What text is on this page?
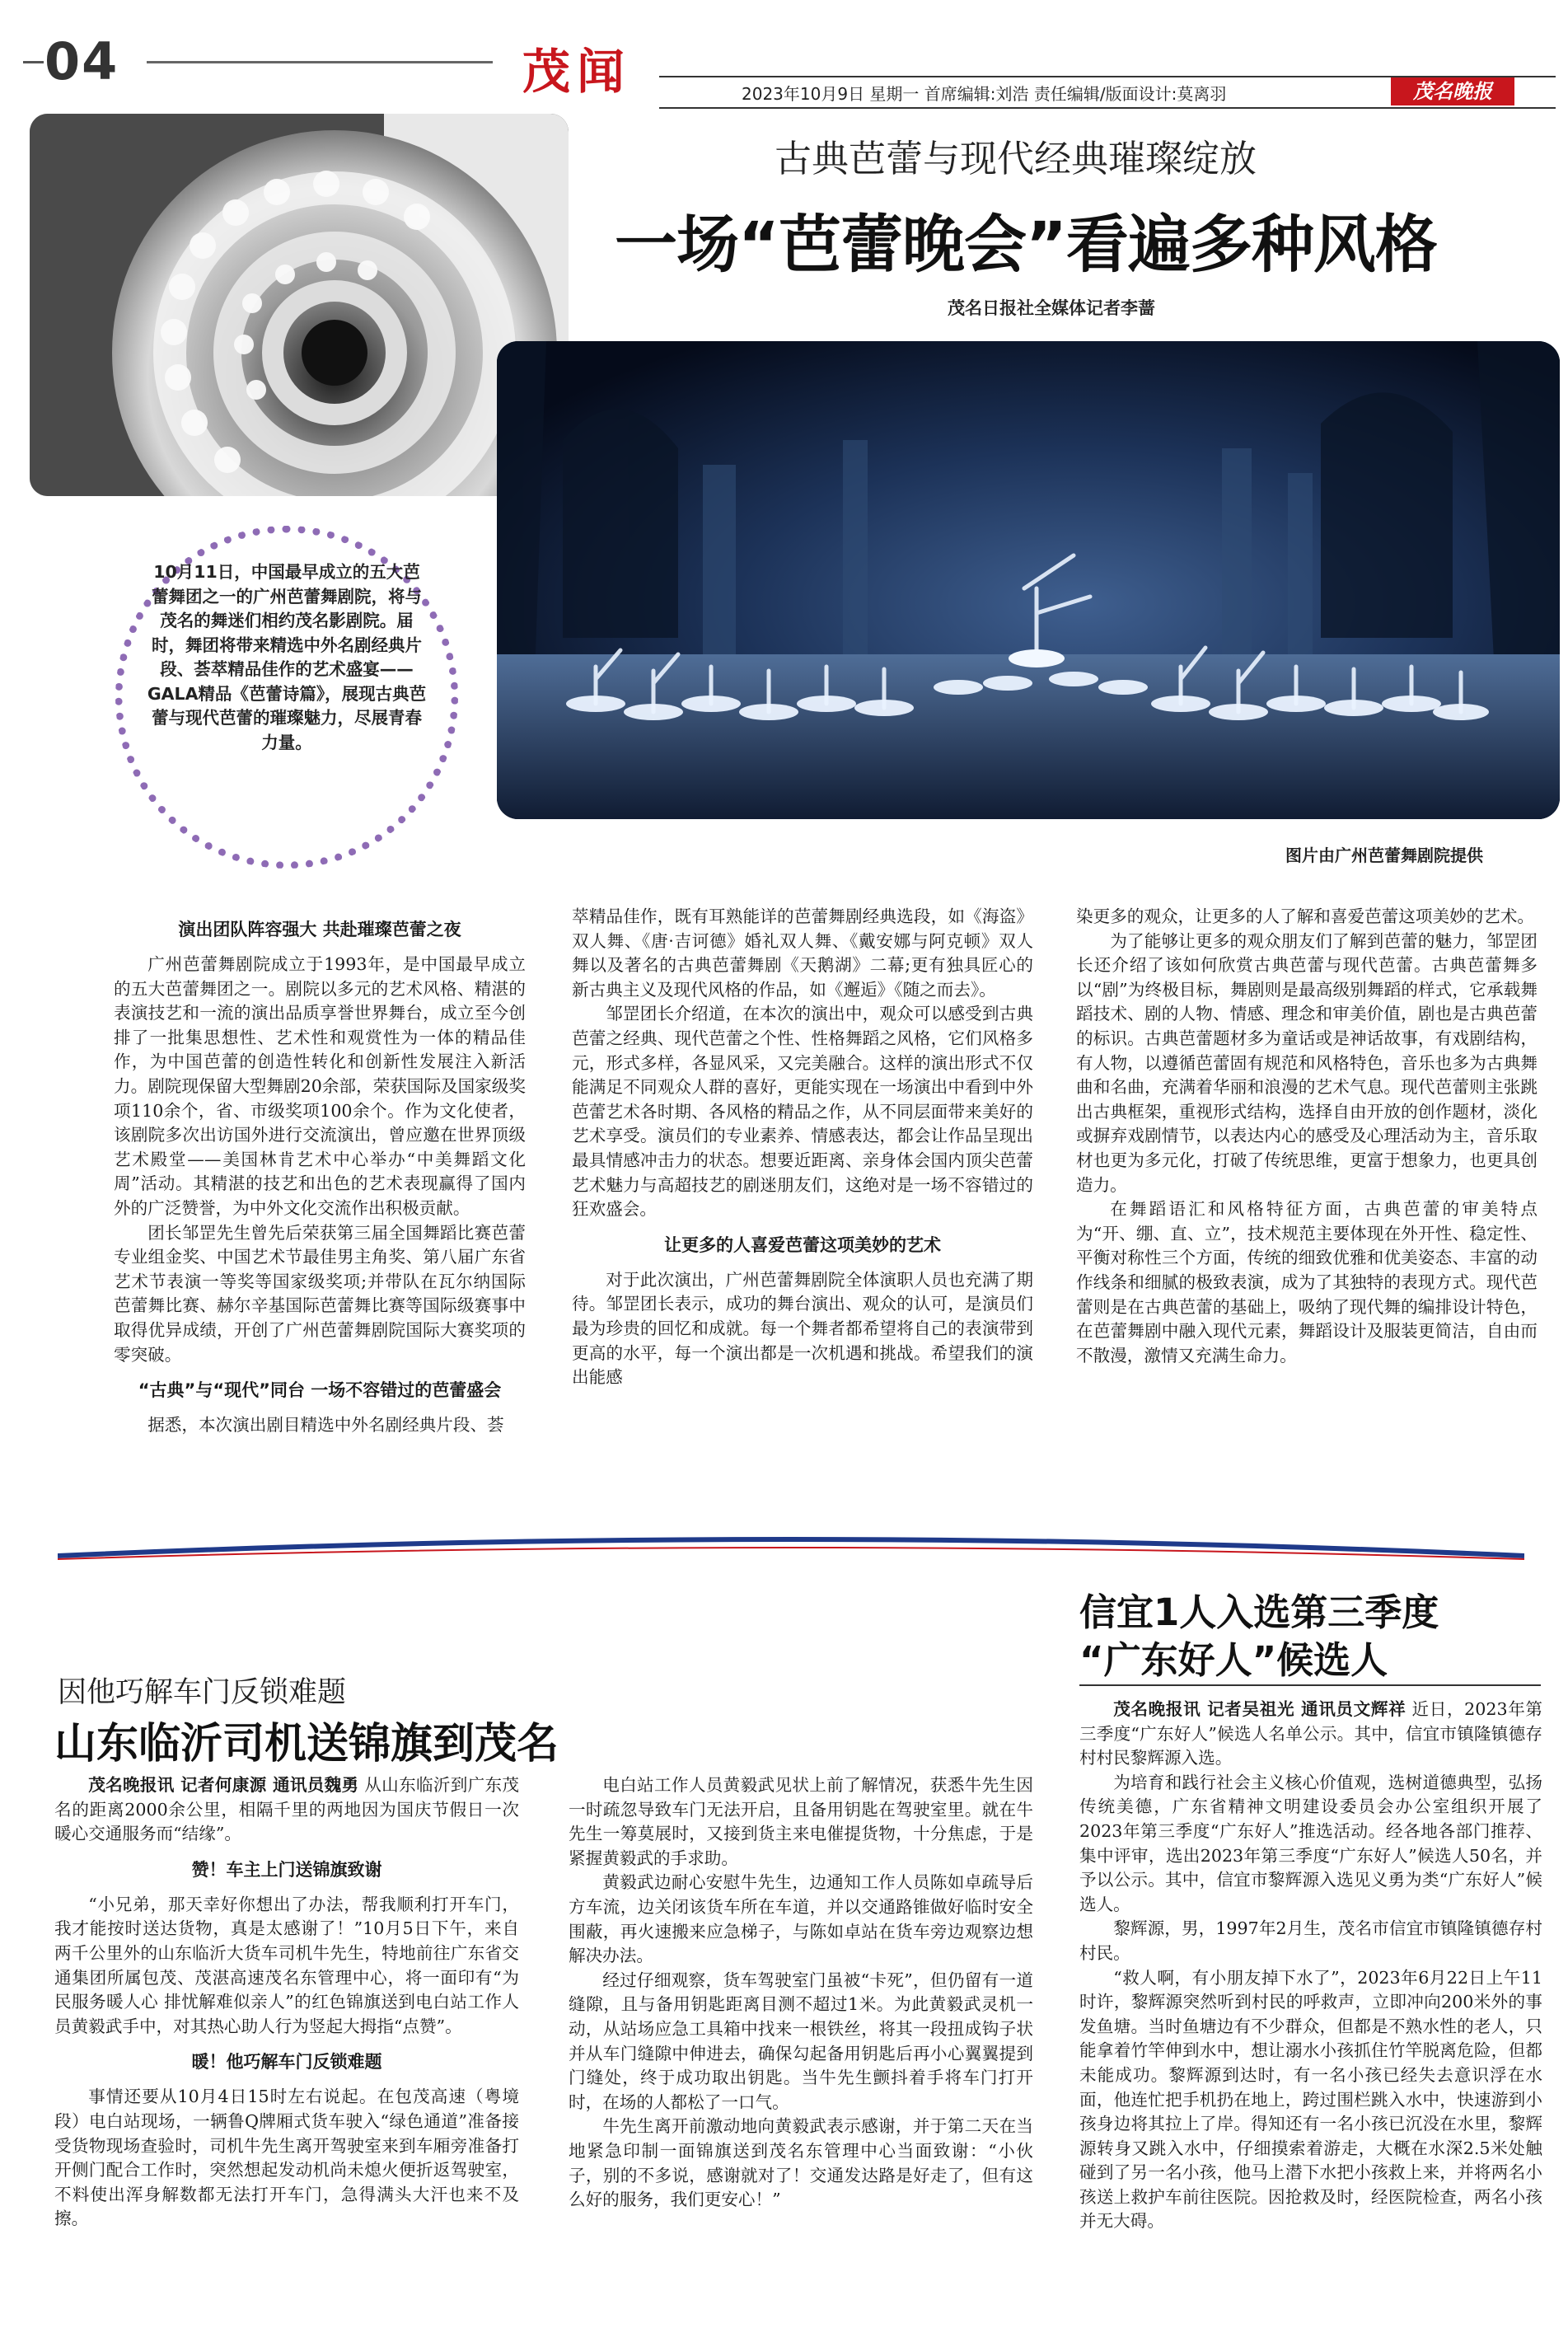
04	茂闻	2023年10月9日 星期一 首席编辑:刘浩 责任编辑/版面设计:莫离羽	茂名晚报
10月11日，中国最早成立的五大芭蕾舞团之一的广州芭蕾舞剧院，将与茂名的舞迷们相约茂名影剧院。届时，舞团将带来精选中外名剧经典片段、荟萃精品佳作的艺术盛宴——GALA精品《芭蕾诗篇》，展现古典芭蕾与现代芭蕾的璀璨魅力，尽展青春力量。
古典芭蕾与现代经典璀璨绽放
一场“芭蕾晚会”看遍多种风格
茂名日报社全媒体记者李蔷
图片由广州芭蕾舞剧院提供
演出团队阵容强大 共赴璀璨芭蕾之夜

广州芭蕾舞剧院成立于1993年，是中国最早成立的五大芭蕾舞团之一。剧院以多元的艺术风格、精湛的表演技艺和一流的演出品质享誉世界舞台，成立至今创排了一批集思想性、艺术性和观赏性为一体的精品佳作，为中国芭蕾的创造性转化和创新性发展注入新活力。剧院现保留大型舞剧20余部，荣获国际及国家级奖项110余个，省、市级奖项100余个。作为文化使者，该剧院多次出访国外进行交流演出，曾应邀在世界顶级艺术殿堂——美国林肯艺术中心举办“中美舞蹈文化周”活动。其精湛的技艺和出色的艺术表现赢得了国内外的广泛赞誉，为中外文化交流作出积极贡献。

团长邹罡先生曾先后荣获第三届全国舞蹈比赛芭蕾专业组金奖、中国艺术节最佳男主角奖、第八届广东省艺术节表演一等奖等国家级奖项;并带队在瓦尔纳国际芭蕾舞比赛、赫尔辛基国际芭蕾舞比赛等国际级赛事中取得优异成绩，开创了广州芭蕾舞剧院国际大赛奖项的零突破。

“古典”与“现代”同台 一场不容错过的芭蕾盛会

据悉，本次演出剧目精选中外名剧经典片段、荟

萃精品佳作，既有耳熟能详的芭蕾舞剧经典选段，如《海盗》双人舞、《唐·吉诃德》婚礼双人舞、《戴安娜与阿克顿》双人舞以及著名的古典芭蕾舞剧《天鹅湖》二幕;更有独具匠心的新古典主义及现代风格的作品，如《邂逅》《随之而去》。

邹罡团长介绍道，在本次的演出中，观众可以感受到古典芭蕾之经典、现代芭蕾之个性、性格舞蹈之风格，它们风格多元，形式多样，各显风采，又完美融合。这样的演出形式不仅能满足不同观众人群的喜好，更能实现在一场演出中看到中外芭蕾艺术各时期、各风格的精品之作，从不同层面带来美好的艺术享受。演员们的专业素养、情感表达，都会让作品呈现出最具情感冲击力的状态。想要近距离、亲身体会国内顶尖芭蕾艺术魅力与高超技艺的剧迷朋友们，这绝对是一场不容错过的狂欢盛会。

让更多的人喜爱芭蕾这项美妙的艺术

对于此次演出，广州芭蕾舞剧院全体演职人员也充满了期待。邹罡团长表示，成功的舞台演出、观众的认可，是演员们最为珍贵的回忆和成就。每一个舞者都希望将自己的表演带到更高的水平，每一个演出都是一次机遇和挑战。希望我们的演出能感

染更多的观众，让更多的人了解和喜爱芭蕾这项美妙的艺术。

为了能够让更多的观众朋友们了解到芭蕾的魅力，邹罡团长还介绍了该如何欣赏古典芭蕾与现代芭蕾。古典芭蕾舞多以“剧”为终极目标，舞剧则是最高级别舞蹈的样式，它承载舞蹈技术、剧的人物、情感、理念和审美价值，剧也是古典芭蕾的标识。古典芭蕾题材多为童话或是神话故事，有戏剧结构，有人物，以遵循芭蕾固有规范和风格特色，音乐也多为古典舞曲和名曲，充满着华丽和浪漫的艺术气息。现代芭蕾则主张跳出古典框架，重视形式结构，选择自由开放的创作题材，淡化或摒弃戏剧情节，以表达内心的感受及心理活动为主，音乐取材也更为多元化，打破了传统思维，更富于想象力，也更具创造力。

在舞蹈语汇和风格特征方面，古典芭蕾的审美特点为“开、绷、直、立”，技术规范主要体现在外开性、稳定性、平衡对称性三个方面，传统的细致优雅和优美姿态、丰富的动作线条和细腻的极致表演，成为了其独特的表现方式。现代芭蕾则是在古典芭蕾的基础上，吸纳了现代舞的编排设计特色，在芭蕾舞剧中融入现代元素，舞蹈设计及服装更简洁，自由而不散漫，激情又充满生命力。

因他巧解车门反锁难题
山东临沂司机送锦旗到茂名

茂名晚报讯 记者何康源 通讯员魏勇 从山东临沂到广东茂名的距离2000余公里，相隔千里的两地因为国庆节假日一次暖心交通服务而“结缘”。

赞！车主上门送锦旗致谢

“小兄弟，那天幸好你想出了办法，帮我顺利打开车门，我才能按时送达货物，真是太感谢了！”10月5日下午，来自两千公里外的山东临沂大货车司机牛先生，特地前往广东省交通集团所属包茂、茂湛高速茂名东管理中心，将一面印有“为民服务暖人心 排忧解难似亲人”的红色锦旗送到电白站工作人员黄毅武手中，对其热心助人行为竖起大拇指“点赞”。

暖！他巧解车门反锁难题

事情还要从10月4日15时左右说起。在包茂高速（粤境段）电白站现场，一辆鲁Q牌厢式货车驶入“绿色通道”准备接受货物现场查验时，司机牛先生离开驾驶室来到车厢旁准备打开侧门配合工作时，突然想起发动机尚未熄火便折返驾驶室，不料使出浑身解数都无法打开车门，急得满头大汗也来不及擦。

电白站工作人员黄毅武见状上前了解情况，获悉牛先生因一时疏忽导致车门无法开启，且备用钥匙在驾驶室里。就在牛先生一筹莫展时，又接到货主来电催提货物，十分焦虑，于是紧握黄毅武的手求助。

黄毅武边耐心安慰牛先生，边通知工作人员陈如卓疏导后方车流，边关闭该货车所在车道，并以交通路锥做好临时安全围蔽，再火速搬来应急梯子，与陈如卓站在货车旁边观察边想解决办法。

经过仔细观察，货车驾驶室门虽被“卡死”，但仍留有一道缝隙，且与备用钥匙距离目测不超过1米。为此黄毅武灵机一动，从站场应急工具箱中找来一根铁丝，将其一段扭成钩子状并从车门缝隙中伸进去，确保勾起备用钥匙后再小心翼翼提到门缝处，终于成功取出钥匙。当牛先生颤抖着手将车门打开时，在场的人都松了一口气。

牛先生离开前激动地向黄毅武表示感谢，并于第二天在当地紧急印制一面锦旗送到茂名东管理中心当面致谢：“小伙子，别的不多说，感谢就对了！交通发达路是好走了，但有这么好的服务，我们更安心！”

信宜1人入选第三季度
“广东好人”候选人

茂名晚报讯 记者吴祖光 通讯员文辉祥 近日，2023年第三季度“广东好人”候选人名单公示。其中，信宜市镇隆镇德存村村民黎辉源入选。

为培育和践行社会主义核心价值观，选树道德典型，弘扬传统美德，广东省精神文明建设委员会办公室组织开展了2023年第三季度“广东好人”推选活动。经各地各部门推荐、集中评审，选出2023年第三季度“广东好人”候选人50名，并予以公示。其中，信宜市黎辉源入选见义勇为类“广东好人”候选人。

黎辉源，男，1997年2月生，茂名市信宜市镇隆镇德存村村民。

“救人啊，有小朋友掉下水了”，2023年6月22日上午11时许，黎辉源突然听到村民的呼救声，立即冲向200米外的事发鱼塘。当时鱼塘边有不少群众，但都是不熟水性的老人，只能拿着竹竿伸到水中，想让溺水小孩抓住竹竿脱离危险，但都未能成功。黎辉源到达时，有一名小孩已经失去意识浮在水面，他连忙把手机扔在地上，跨过围栏跳入水中，快速游到小孩身边将其拉上了岸。得知还有一名小孩已沉没在水里，黎辉源转身又跳入水中，仔细摸索着游走，大概在水深2.5米处触碰到了另一名小孩，他马上潜下水把小孩救上来，并将两名小孩送上救护车前往医院。因抢救及时，经医院检查，两名小孩并无大碍。
